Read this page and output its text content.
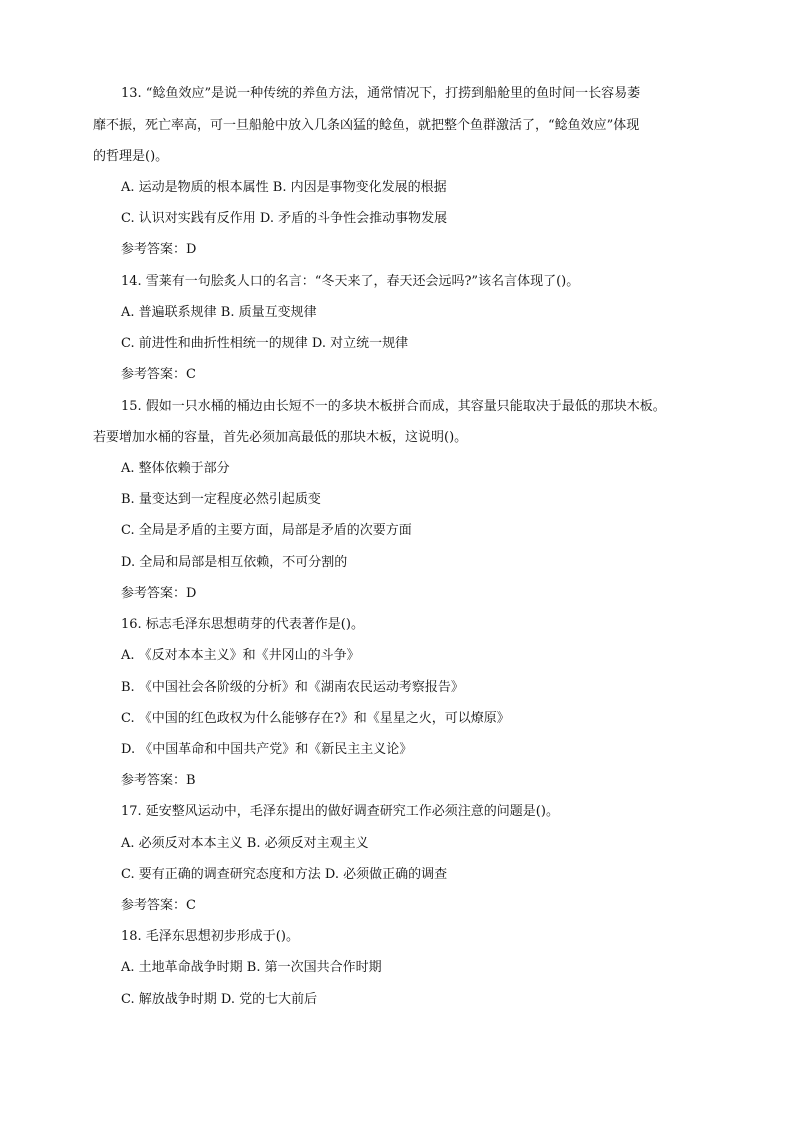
13. “鲶鱼效应”是说一种传统的养鱼方法，通常情况下，打捞到船舱里的鱼时间一长容易萎
靡不振，死亡率高，可一旦船舱中放入几条凶猛的鲶鱼，就把整个鱼群激活了，“鲶鱼效应”体现
的哲理是()。
A. 运动是物质的根本属性 B. 内因是事物变化发展的根据
C. 认识对实践有反作用 D. 矛盾的斗争性会推动事物发展
参考答案：D
14. 雪莱有一句脍炙人口的名言：“冬天来了，春天还会远吗?”该名言体现了()。
A. 普遍联系规律 B. 质量互变规律
C. 前进性和曲折性相统一的规律 D. 对立统一规律
参考答案：C
15. 假如一只水桶的桶边由长短不一的多块木板拼合而成，其容量只能取决于最低的那块木板。
若要增加水桶的容量，首先必须加高最低的那块木板，这说明()。
A. 整体依赖于部分
B. 量变达到一定程度必然引起质变
C. 全局是矛盾的主要方面，局部是矛盾的次要方面
D. 全局和局部是相互依赖，不可分割的
参考答案：D
16. 标志毛泽东思想萌芽的代表著作是()。
A. 《反对本本主义》和《井冈山的斗争》
B. 《中国社会各阶级的分析》和《湖南农民运动考察报告》
C. 《中国的红色政权为什么能够存在?》和《星星之火，可以燎原》
D. 《中国革命和中国共产党》和《新民主主义论》
参考答案：B
17. 延安整风运动中，毛泽东提出的做好调查研究工作必须注意的问题是()。
A. 必须反对本本主义 B. 必须反对主观主义
C. 要有正确的调查研究态度和方法 D. 必须做正确的调查
参考答案：C
18. 毛泽东思想初步形成于()。
A. 土地革命战争时期 B. 第一次国共合作时期
C. 解放战争时期 D. 党的七大前后
